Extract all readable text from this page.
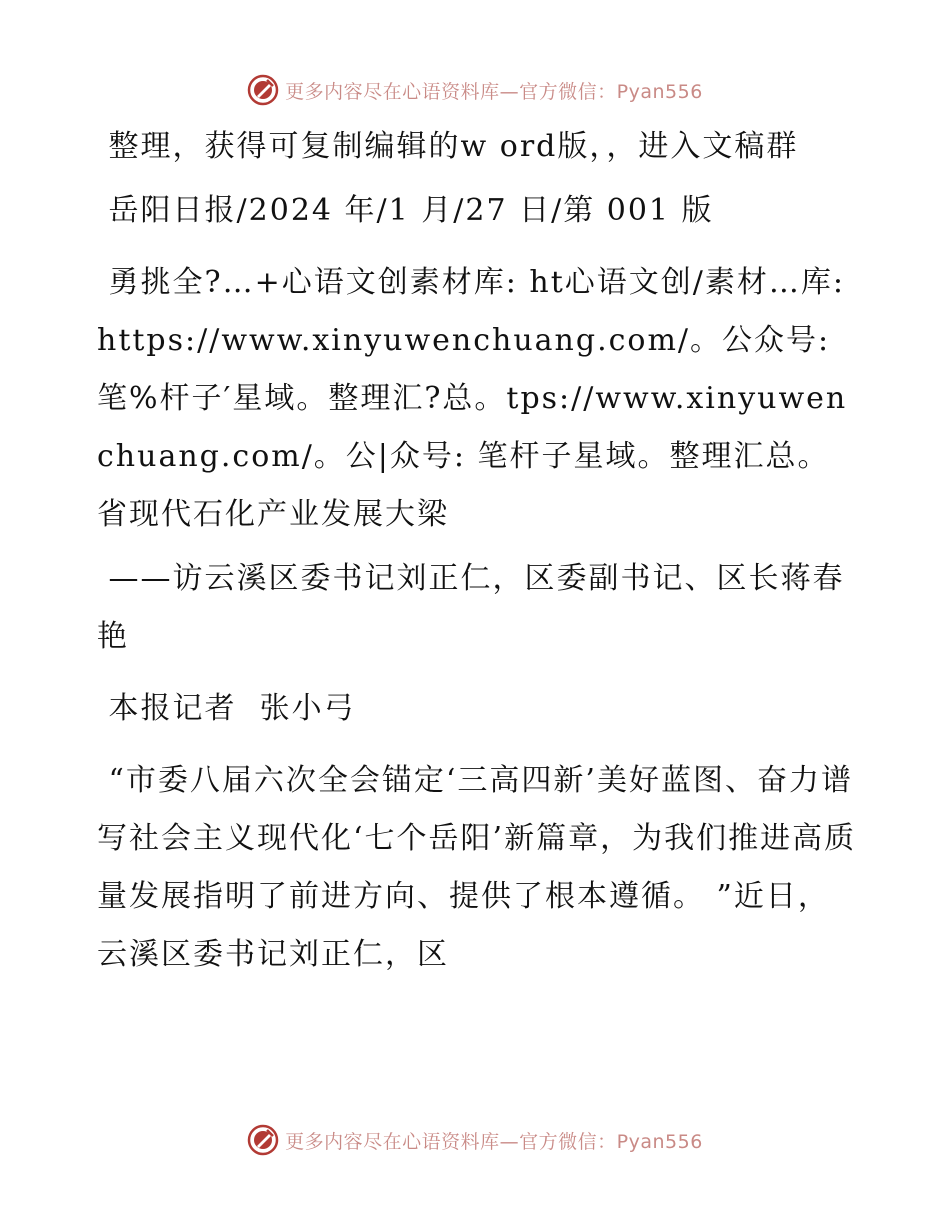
更多内容尽在心语资料库—官方微信：Pyan556

整理，获得可复制编辑的w ord版，，进入文稿群

岳阳日报/2024 年/1 月/27 日/第 001 版

勇挑全?…+心语文创素材库: ht心语文创/素材…库: https://www.xinyuwenchuang.com/。公众号: 笔%杆子′星域。整理汇?总。tps://www.xinyuwenchuang.com/。公|众号: 笔杆子星域。整理汇总。省现代石化产业发展大梁

——访云溪区委书记刘正仁，区委副书记、区长蒋春艳

本报记者  张小弓

“市委八届六次全会锚定‘三高四新’美好蓝图、奋力谱写社会主义现代化‘七个岳阳’新篇章，为我们推进高质量发展指明了前进方向、提供了根本遵循。 ”近日，云溪区委书记刘正仁，区

更多内容尽在心语资料库—官方微信：Pyan556
